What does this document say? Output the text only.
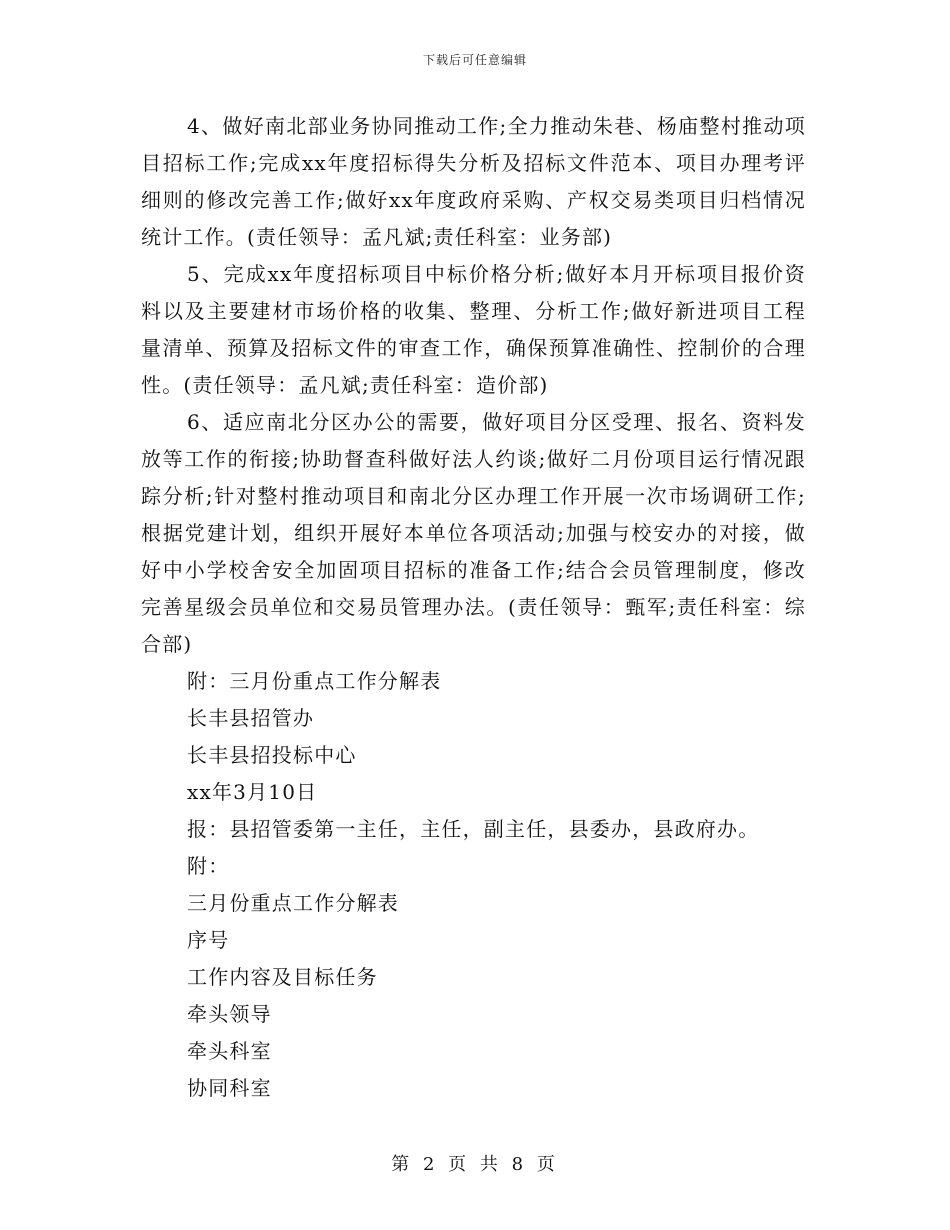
下载后可任意编辑

4、做好南北部业务协同推动工作;全力推动朱巷、杨庙整村推动项目招标工作;完成xx年度招标得失分析及招标文件范本、项目办理考评细则的修改完善工作;做好xx年度政府采购、产权交易类项目归档情况统计工作。(责任领导：孟凡斌;责任科室：业务部)

5、完成xx年度招标项目中标价格分析;做好本月开标项目报价资料以及主要建材市场价格的收集、整理、分析工作;做好新进项目工程量清单、预算及招标文件的审查工作，确保预算准确性、控制价的合理性。(责任领导：孟凡斌;责任科室：造价部)

6、适应南北分区办公的需要，做好项目分区受理、报名、资料发放等工作的衔接;协助督查科做好法人约谈;做好二月份项目运行情况跟踪分析;针对整村推动项目和南北分区办理工作开展一次市场调研工作;根据党建计划，组织开展好本单位各项活动;加强与校安办的对接，做好中小学校舍安全加固项目招标的准备工作;结合会员管理制度，修改完善星级会员单位和交易员管理办法。(责任领导：甄军;责任科室：综合部)

附：三月份重点工作分解表

长丰县招管办

长丰县招投标中心

xx年3月10日

报：县招管委第一主任，主任，副主任，县委办，县政府办。

附：

三月份重点工作分解表

序号

工作内容及目标任务

牵头领导

牵头科室

协同科室

第 2 页 共 8 页
